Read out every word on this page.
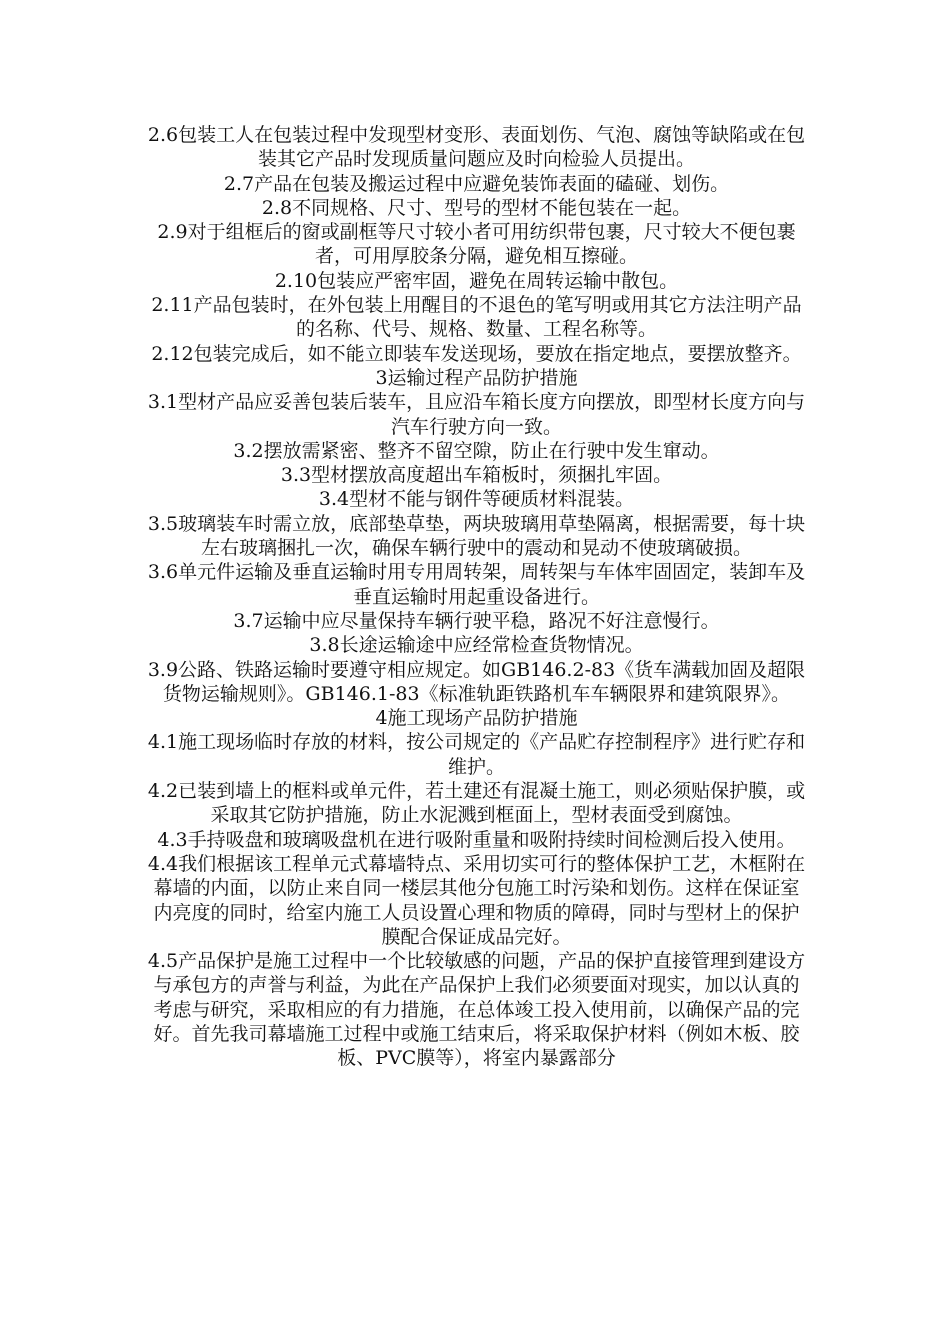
2.6包装工人在包装过程中发现型材变形、表面划伤、气泡、腐蚀等缺陷或在包装其它产品时发现质量问题应及时向检验人员提出。

2.7产品在包装及搬运过程中应避免装饰表面的磕碰、划伤。

2.8不同规格、尺寸、型号的型材不能包装在一起。

2.9对于组框后的窗或副框等尺寸较小者可用纺织带包裹，尺寸较大不便包裹者，可用厚胶条分隔，避免相互擦碰。

2.10包装应严密牢固，避免在周转运输中散包。

2.11产品包装时，在外包装上用醒目的不退色的笔写明或用其它方法注明产品的名称、代号、规格、数量、工程名称等。

2.12包装完成后，如不能立即装车发送现场，要放在指定地点，要摆放整齐。

3运输过程产品防护措施

3.1型材产品应妥善包装后装车，且应沿车箱长度方向摆放，即型材长度方向与汽车行驶方向一致。

3.2摆放需紧密、整齐不留空隙，防止在行驶中发生窜动。

3.3型材摆放高度超出车箱板时，须捆扎牢固。

3.4型材不能与钢件等硬质材料混装。

3.5玻璃装车时需立放，底部垫草垫，两块玻璃用草垫隔离，根据需要，每十块左右玻璃捆扎一次，确保车辆行驶中的震动和晃动不使玻璃破损。

3.6单元件运输及垂直运输时用专用周转架，周转架与车体牢固固定，装卸车及垂直运输时用起重设备进行。

3.7运输中应尽量保持车辆行驶平稳，路况不好注意慢行。

3.8长途运输途中应经常检查货物情况。

3.9公路、铁路运输时要遵守相应规定。如GB146.2-83《货车满载加固及超限货物运输规则》。GB146.1-83《标准轨距铁路机车车辆限界和建筑限界》。

4施工现场产品防护措施

4.1施工现场临时存放的材料，按公司规定的《产品贮存控制程序》进行贮存和维护。

4.2已装到墙上的框料或单元件，若土建还有混凝土施工，则必须贴保护膜，或采取其它防护措施，防止水泥溅到框面上，型材表面受到腐蚀。

4.3手持吸盘和玻璃吸盘机在进行吸附重量和吸附持续时间检测后投入使用。

4.4我们根据该工程单元式幕墙特点、采用切实可行的整体保护工艺，木框附在幕墙的内面，以防止来自同一楼层其他分包施工时污染和划伤。这样在保证室内亮度的同时，给室内施工人员设置心理和物质的障碍，同时与型材上的保护膜配合保证成品完好。

4.5产品保护是施工过程中一个比较敏感的问题，产品的保护直接管理到建设方与承包方的声誉与利益，为此在产品保护上我们必须要面对现实，加以认真的考虑与研究，采取相应的有力措施，在总体竣工投入使用前，以确保产品的完好。首先我司幕墙施工过程中或施工结束后，将采取保护材料（例如木板、胶板、PVC膜等），将室内暴露部分
